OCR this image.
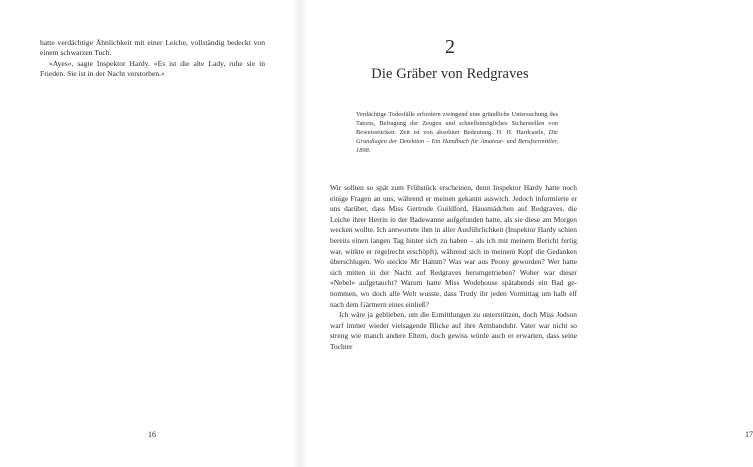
hatte verdächtige Ähnlichkeit mit einer Leiche, vollständig bedeckt von einem schwarzen Tuch.

»Ayes«, sagte Inspektor Hardy. »Es ist die alte Lady, ruhe sie in Frieden. Sie ist in der Nacht verstorben.«

16
2
Die Gräber von Redgraves

Verdächtige Todesfälle erfordern zwingend eine gründliche Untersuchung des Tatorts, Befragung der Zeugen und schnellstmögliches Sicherstellen von Beweisstücken. Zeit ist von absoluter Bedeutung. H. H. Hardcastle, Die Grundlagen der Detektion – Ein Handbuch für Amateur- und Berufsermittler, 1898.

Wir sollten so spät zum Frühstück erscheinen, denn Inspektor Hardy hatte noch einige Fragen an uns, während er meinen gekannt auswich. Jedoch informierte er uns darüber, dass Miss Gertrude Guildford, Hausmädchen auf Redgraves, die Leiche ihrer Herrin in der Badewanne aufgefunden hatte, als sie diese am Morgen wecken wollte. Ich antwortete ihm in aller Ausführlichkeit (Inspektor Hardy schien bereits einen langen Tag hinter sich zu haben – als ich mit meinem Bericht fertig war, wirkte er regelrecht erschöpft), während sich in meinem Kopf die Gedanken überschlugen. Wo steckte Mr Hamm? Was war aus Peony geworden? Wer hatte sich mitten in der Nacht auf Redgraves herumgetrieben? Woher war dieser »Nebel« aufgetaucht? Warum hatte Miss Wodehouse spätabends ein Bad genommen, wo doch alle Welt wusste, dass Trudy ihr jeden Vormittag um halb elf nach dem Gärtnern eines einließ?

Ich wäre ja geblieben, um die Ermittlungen zu unterstützen, doch Miss Jodson warf immer wieder vielsagende Blicke auf ihre Armbanduhr. Vater war nicht so streng wie manch andere Eltern, doch gewiss würde auch er erwarten, dass seine Tochter

17
